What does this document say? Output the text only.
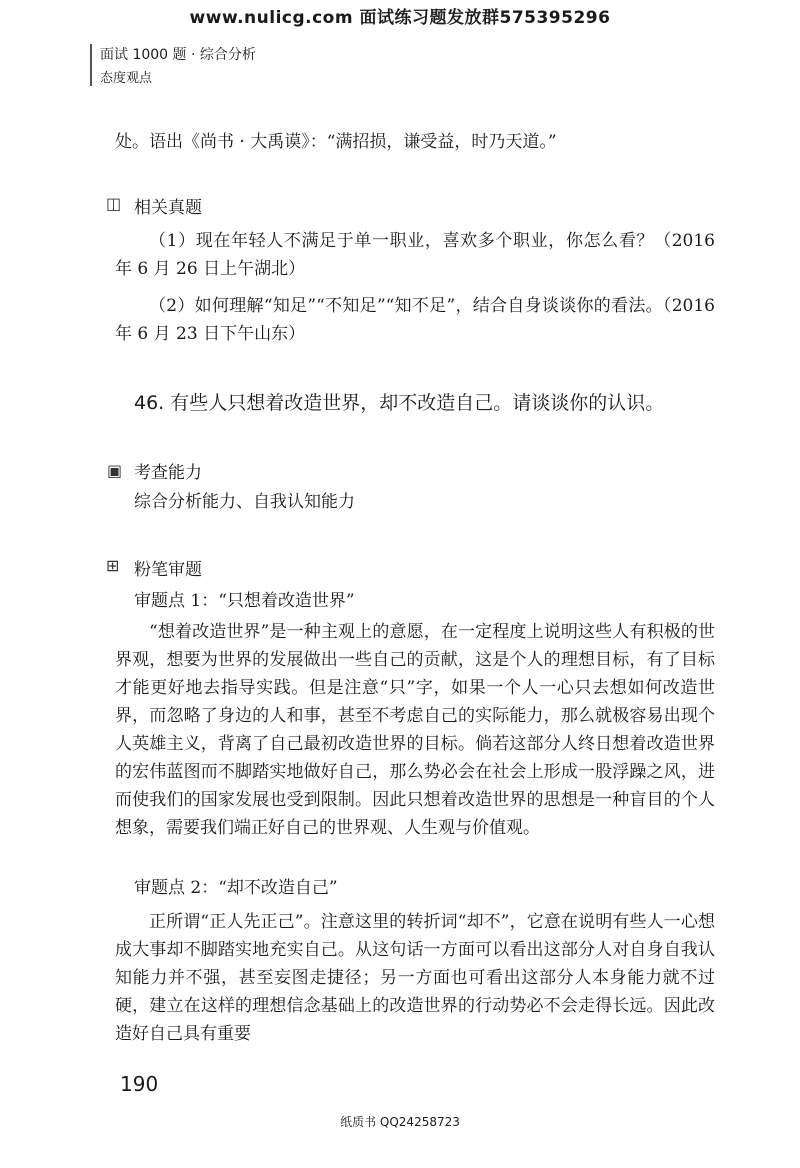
www.nulicg.com 面试练习题发放群575395296
面试 1000 题 · 综合分析
态度观点
处。语出《尚书 · 大禹谟》：“满招损，谦受益，时乃天道。”
◫ 相关真题
（1）现在年轻人不满足于单一职业，喜欢多个职业，你怎么看？（2016 年 6 月 26 日上午湖北）
（2）如何理解“知足”“不知足”“知不足”，结合自身谈谈你的看法。（2016 年 6 月 23 日下午山东）
46. 有些人只想着改造世界，却不改造自己。请谈谈你的认识。
▣ 考查能力
综合分析能力、自我认知能力
⊞ 粉笔审题
审题点 1：“只想着改造世界”
“想着改造世界”是一种主观上的意愿，在一定程度上说明这些人有积极的世界观，想要为世界的发展做出一些自己的贡献，这是个人的理想目标，有了目标才能更好地去指导实践。但是注意“只”字，如果一个人一心只去想如何改造世界，而忽略了身边的人和事，甚至不考虑自己的实际能力，那么就极容易出现个人英雄主义，背离了自己最初改造世界的目标。倘若这部分人终日想着改造世界的宏伟蓝图而不脚踏实地做好自己，那么势必会在社会上形成一股浮躁之风，进而使我们的国家发展也受到限制。因此只想着改造世界的思想是一种盲目的个人想象，需要我们端正好自己的世界观、人生观与价值观。
审题点 2：“却不改造自己”
正所谓“正人先正己”。注意这里的转折词“却不”，它意在说明有些人一心想成大事却不脚踏实地充实自己。从这句话一方面可以看出这部分人对自身自我认知能力并不强，甚至妄图走捷径；另一方面也可看出这部分人本身能力就不过硬，建立在这样的理想信念基础上的改造世界的行动势必不会走得长远。因此改造好自己具有重要
190
纸质书 QQ24258723
